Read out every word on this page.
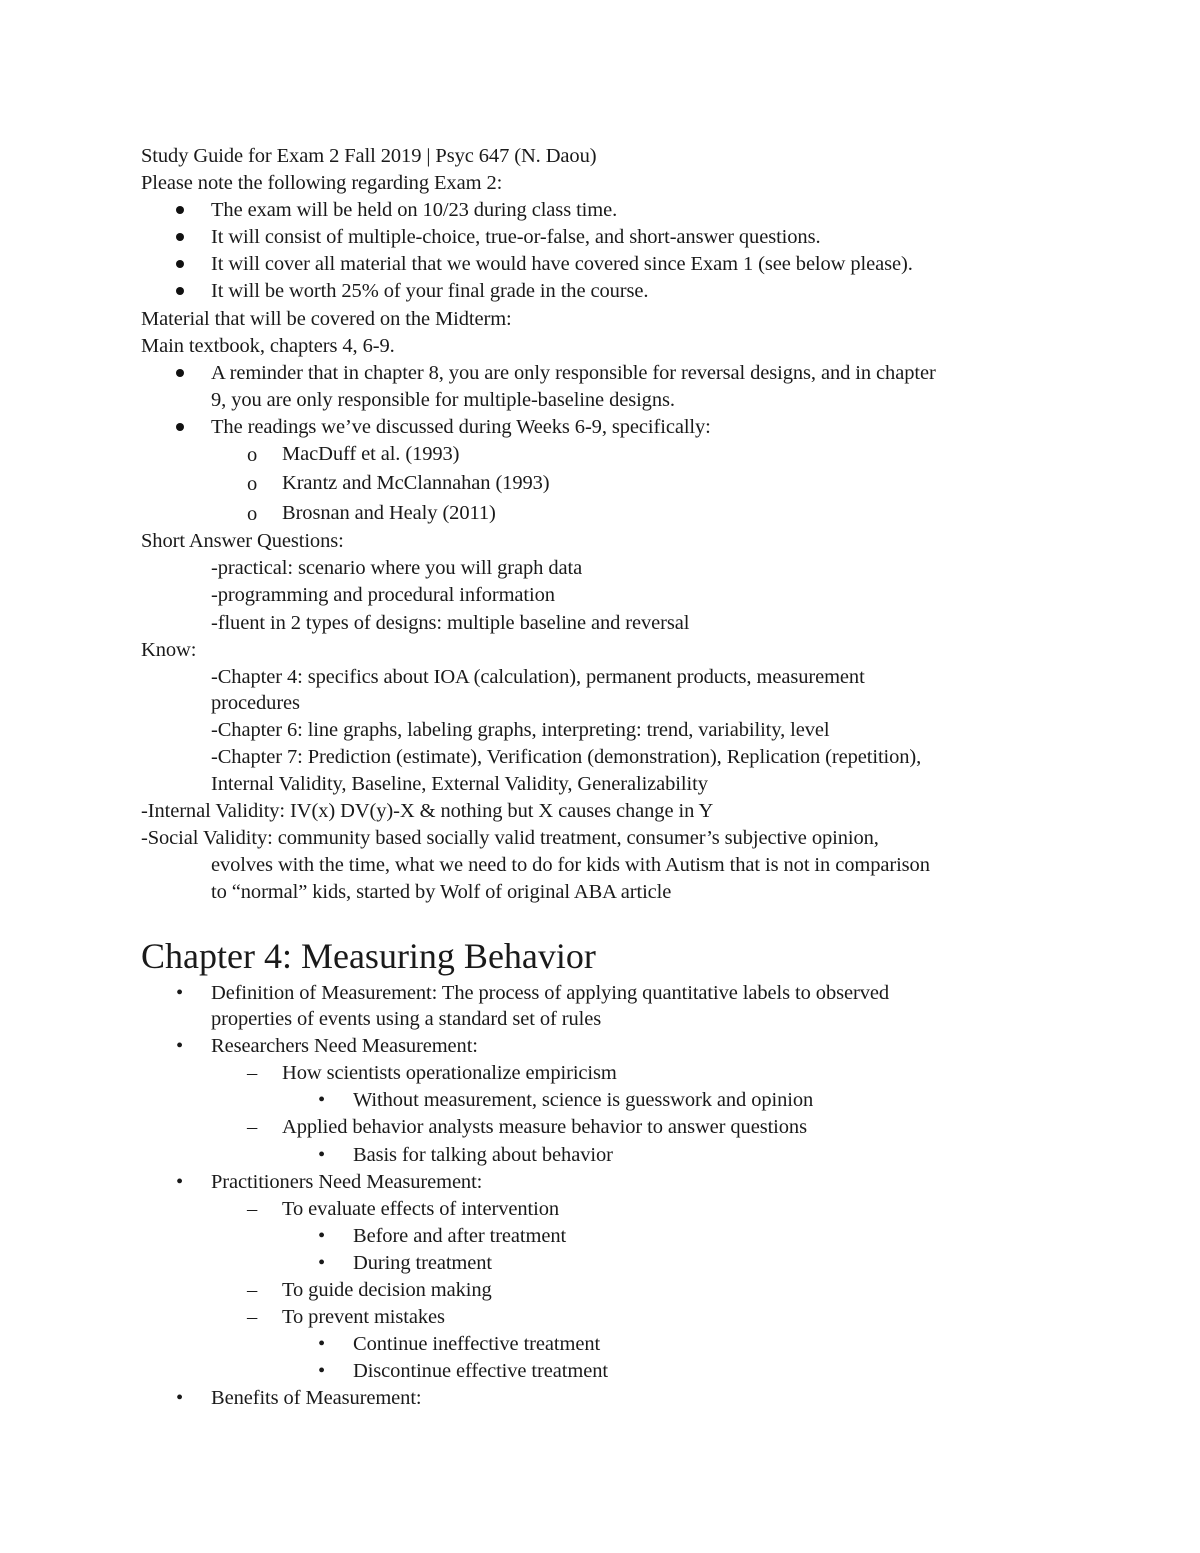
Study Guide for Exam 2 Fall 2019 | Psyc 647 (N. Daou)
Please note the following regarding Exam 2:
The exam will be held on 10/23 during class time.
It will consist of multiple-choice, true-or-false, and short-answer questions.
It will cover all material that we would have covered since Exam 1 (see below please).
It will be worth 25% of your final grade in the course.
Material that will be covered on the Midterm:
Main textbook, chapters 4, 6-9.
A reminder that in chapter 8, you are only responsible for reversal designs, and in chapter
9, you are only responsible for multiple-baseline designs.
The readings we’ve discussed during Weeks 6-9, specifically:
o MacDuff et al. (1993)
o Krantz and McClannahan (1993)
o Brosnan and Healy (2011)
Short Answer Questions:
-practical: scenario where you will graph data
-programming and procedural information
-fluent in 2 types of designs: multiple baseline and reversal
Know:
-Chapter 4: specifics about IOA (calculation), permanent products, measurement
procedures
-Chapter 6: line graphs, labeling graphs, interpreting: trend, variability, level
-Chapter 7: Prediction (estimate), Verification (demonstration), Replication (repetition),
Internal Validity, Baseline, External Validity, Generalizability
-Internal Validity: IV(x) DV(y)-X & nothing but X causes change in Y
-Social Validity: community based socially valid treatment, consumer’s subjective opinion,
evolves with the time, what we need to do for kids with Autism that is not in comparison
to “normal” kids, started by Wolf of original ABA article
Chapter 4: Measuring Behavior
• Definition of Measurement: The process of applying quantitative labels to observed
properties of events using a standard set of rules
• Researchers Need Measurement:
– How scientists operationalize empiricism
• Without measurement, science is guesswork and opinion
– Applied behavior analysts measure behavior to answer questions
• Basis for talking about behavior
• Practitioners Need Measurement:
– To evaluate effects of intervention
• Before and after treatment
• During treatment
– To guide decision making
– To prevent mistakes
• Continue ineffective treatment
• Discontinue effective treatment
• Benefits of Measurement:
